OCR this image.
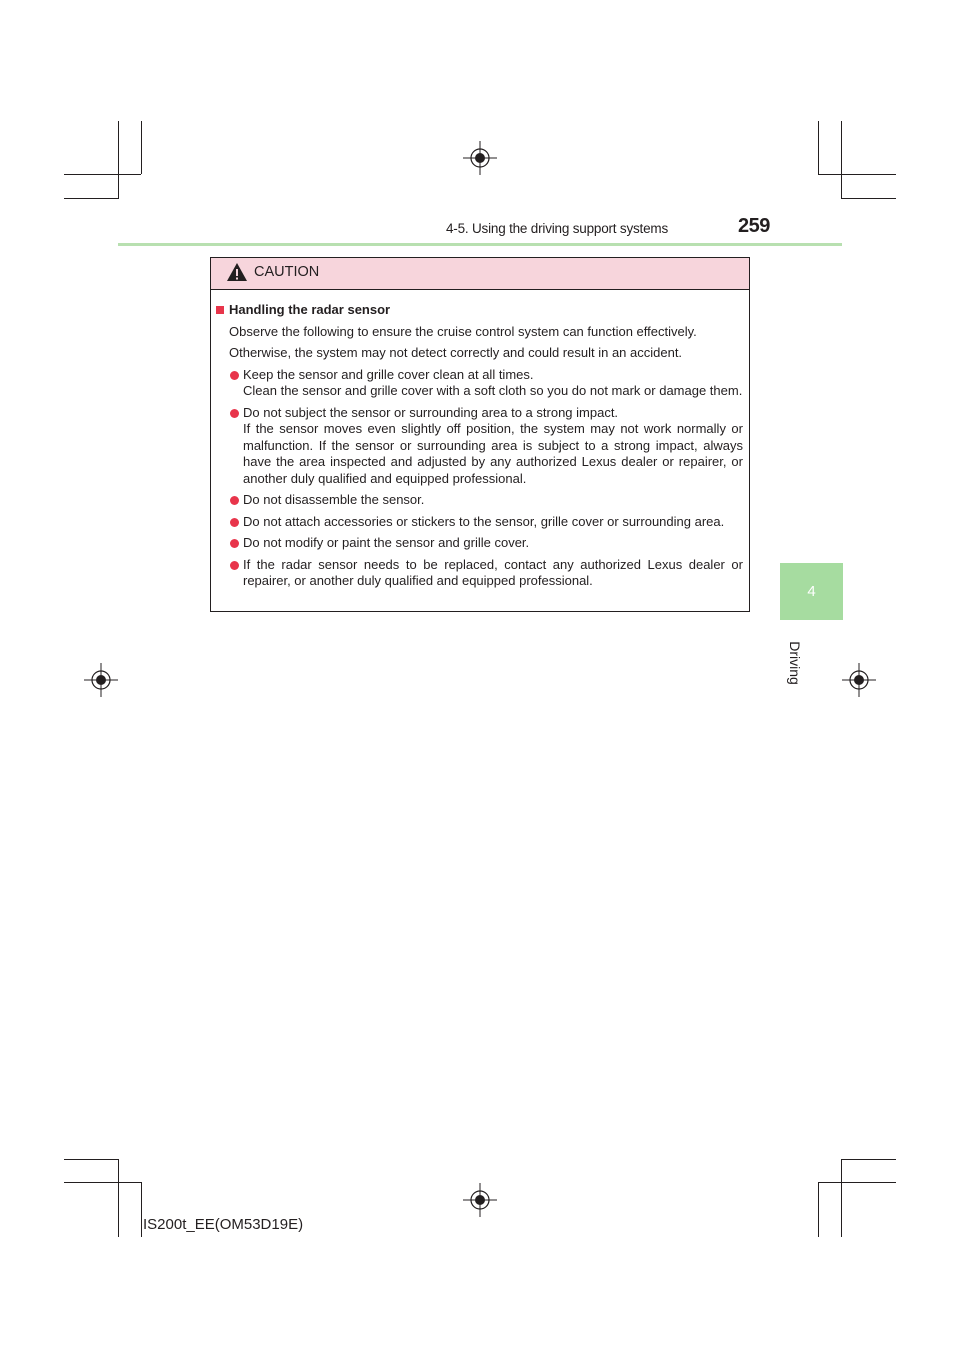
4-5. Using the driving support systems	259
4
Driving
CAUTION
Handling the radar sensor
Observe the following to ensure the cruise control system can function effectively.
Otherwise, the system may not detect correctly and could result in an accident.
Keep the sensor and grille cover clean at all times.
Clean the sensor and grille cover with a soft cloth so you do not mark or damage them.
Do not subject the sensor or surrounding area to a strong impact.
If the sensor moves even slightly off position, the system may not work normally or malfunction. If the sensor or surrounding area is subject to a strong impact, always have the area inspected and adjusted by any authorized Lexus dealer or repairer, or another duly qualified and equipped professional.
Do not disassemble the sensor.
Do not attach accessories or stickers to the sensor, grille cover or surrounding area.
Do not modify or paint the sensor and grille cover.
If the radar sensor needs to be replaced, contact any authorized Lexus dealer or repairer, or another duly qualified and equipped professional.
IS200t_EE(OM53D19E)
